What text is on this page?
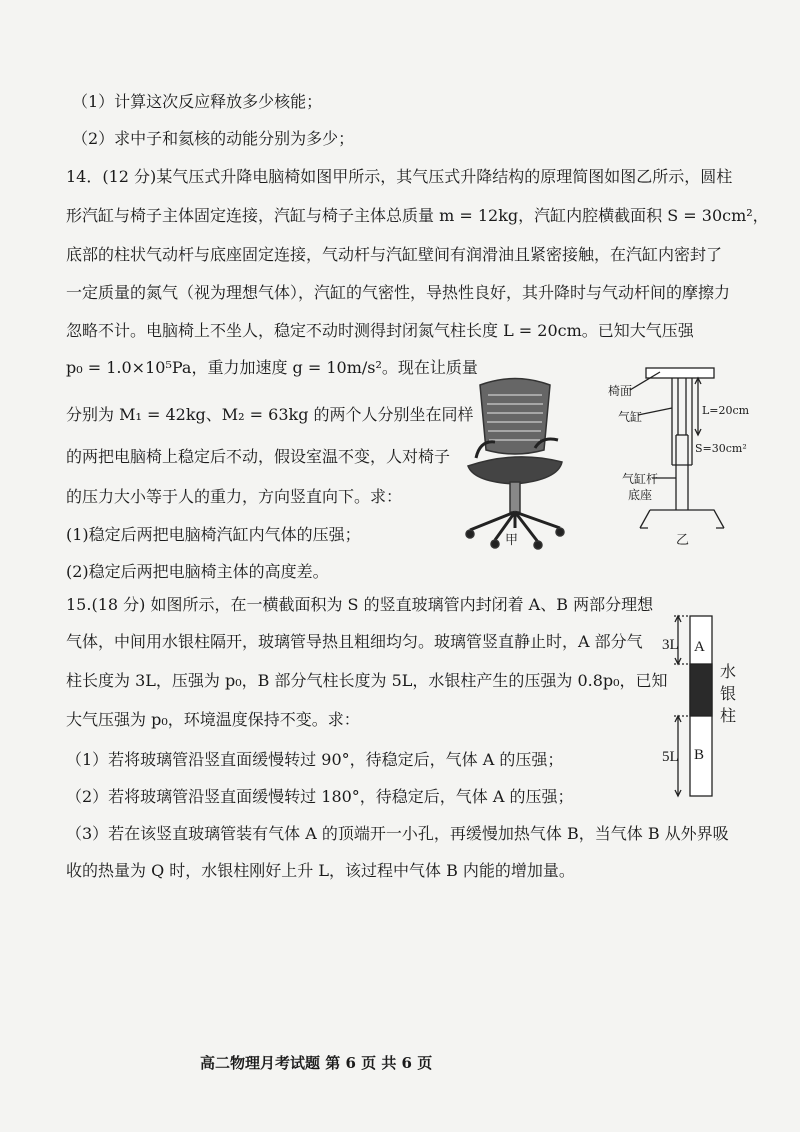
（1）计算这次反应释放多少核能；
（2）求中子和氦核的动能分别为多少；
14．(12 分)某气压式升降电脑椅如图甲所示，其气压式升降结构的原理简图如图乙所示，圆柱
形汽缸与椅子主体固定连接，汽缸与椅子主体总质量 m = 12kg，汽缸内腔横截面积 S = 30cm²，
底部的柱状气动杆与底座固定连接，气动杆与汽缸壁间有润滑油且紧密接触，在汽缸内密封了
一定质量的氮气（视为理想气体），汽缸的气密性，导热性良好，其升降时与气动杆间的摩擦力
忽略不计。电脑椅上不坐人，稳定不动时测得封闭氮气柱长度 L = 20cm。已知大气压强
p₀ = 1.0×10⁵Pa，重力加速度 g = 10m/s²。现在让质量
分别为 M₁ = 42kg、M₂ = 63kg 的两个人分别坐在同样
的两把电脑椅上稳定后不动，假设室温不变，人对椅子
的压力大小等于人的重力，方向竖直向下。求：
(1)稳定后两把电脑椅汽缸内气体的压强；
(2)稳定后两把电脑椅主体的高度差。
甲
椅面
气缸	L=20cm
S=30cm²
气缸杆
底座
乙
15.(18 分) 如图所示，在一横截面积为 S 的竖直玻璃管内封闭着 A、B 两部分理想
气体，中间用水银柱隔开，玻璃管导热且粗细均匀。玻璃管竖直静止时，A 部分气
柱长度为 3L，压强为 p₀，B 部分气柱长度为 5L，水银柱产生的压强为 0.8p₀，已知
大气压强为 p₀，环境温度保持不变。求：
（1）若将玻璃管沿竖直面缓慢转过 90°，待稳定后，气体 A 的压强；
（2）若将玻璃管沿竖直面缓慢转过 180°，待稳定后，气体 A 的压强；
（3）若在该竖直玻璃管装有气体 A 的顶端开一小孔，再缓慢加热气体 B，当气体 B 从外界吸
收的热量为 Q 时，水银柱刚好上升 L，该过程中气体 B 内能的增加量。
3L A
5L B
水
银
柱
高二物理月考试题 第 6 页 共 6 页
